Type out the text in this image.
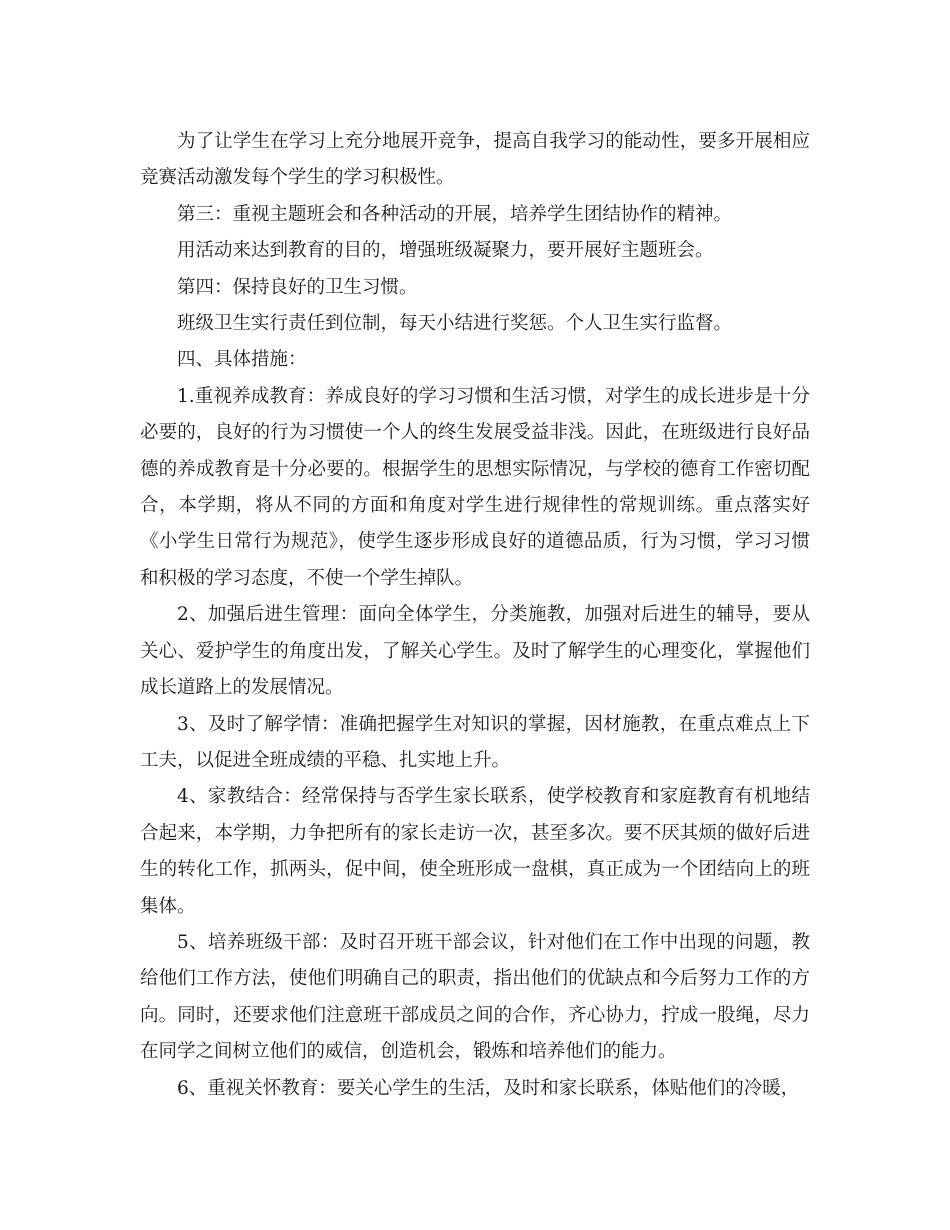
为了让学生在学习上充分地展开竞争，提高自我学习的能动性，要多开展相应竞赛活动激发每个学生的学习积极性。

第三：重视主题班会和各种活动的开展，培养学生团结协作的精神。

用活动来达到教育的目的，增强班级凝聚力，要开展好主题班会。

第四：保持良好的卫生习惯。

班级卫生实行责任到位制，每天小结进行奖惩。个人卫生实行监督。

四、具体措施：

1.重视养成教育：养成良好的学习习惯和生活习惯，对学生的成长进步是十分必要的，良好的行为习惯使一个人的终生发展受益非浅。因此，在班级进行良好品德的养成教育是十分必要的。根据学生的思想实际情况，与学校的德育工作密切配合，本学期，将从不同的方面和角度对学生进行规律性的常规训练。重点落实好《小学生日常行为规范》，使学生逐步形成良好的道德品质，行为习惯，学习习惯和积极的学习态度，不使一个学生掉队。

2、加强后进生管理：面向全体学生，分类施教，加强对后进生的辅导，要从关心、爱护学生的角度出发，了解关心学生。及时了解学生的心理变化，掌握他们成长道路上的发展情况。

3、及时了解学情：准确把握学生对知识的掌握，因材施教，在重点难点上下工夫，以促进全班成绩的平稳、扎实地上升。

4、家教结合：经常保持与否学生家长联系，使学校教育和家庭教育有机地结合起来，本学期，力争把所有的家长走访一次，甚至多次。要不厌其烦的做好后进生的转化工作，抓两头，促中间，使全班形成一盘棋，真正成为一个团结向上的班集体。

5、培养班级干部：及时召开班干部会议，针对他们在工作中出现的问题，教给他们工作方法，使他们明确自己的职责，指出他们的优缺点和今后努力工作的方向。同时，还要求他们注意班干部成员之间的合作，齐心协力，拧成一股绳，尽力在同学之间树立他们的威信，创造机会，锻炼和培养他们的能力。

6、重视关怀教育：要关心学生的生活，及时和家长联系，体贴他们的冷暖，
